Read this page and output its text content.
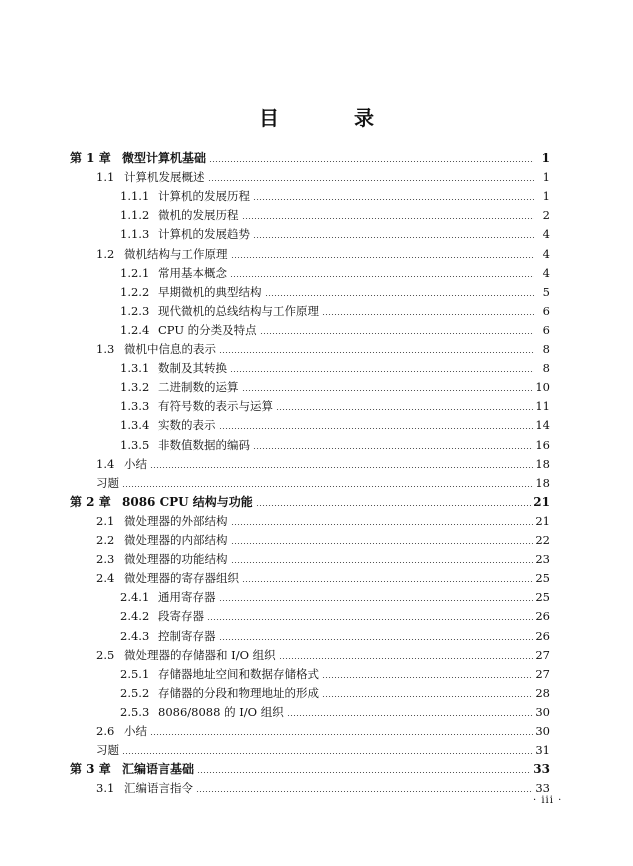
目 录
第 1 章 微型计算机基础	1
1.1 计算机发展概述	1
1.1.1 计算机的发展历程	1
1.1.2 微机的发展历程	2
1.1.3 计算机的发展趋势	4
1.2 微机结构与工作原理	4
1.2.1 常用基本概念	4
1.2.2 早期微机的典型结构	5
1.2.3 现代微机的总线结构与工作原理	6
1.2.4 CPU 的分类及特点	6
1.3 微机中信息的表示	8
1.3.1 数制及其转换	8
1.3.2 二进制数的运算	10
1.3.3 有符号数的表示与运算	11
1.3.4 实数的表示	14
1.3.5 非数值数据的编码	16
1.4 小结	18
习题	18
第 2 章 8086 CPU 结构与功能	21
2.1 微处理器的外部结构	21
2.2 微处理器的内部结构	22
2.3 微处理器的功能结构	23
2.4 微处理器的寄存器组织	25
2.4.1 通用寄存器	25
2.4.2 段寄存器	26
2.4.3 控制寄存器	26
2.5 微处理器的存储器和 I/O 组织	27
2.5.1 存储器地址空间和数据存储格式	27
2.5.2 存储器的分段和物理地址的形成	28
2.5.3 8086/8088 的 I/O 组织	30
2.6 小结	30
习题	31
第 3 章 汇编语言基础	33
3.1 汇编语言指令	33
· iii ·
